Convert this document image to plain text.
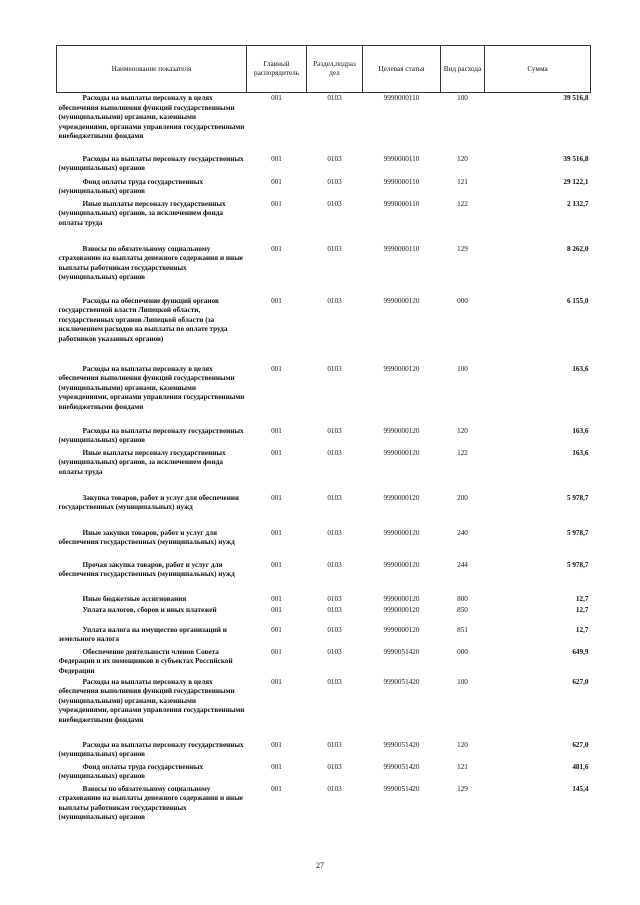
Наименование показателя	Главный распорядитель	Раздел,подраз дел	Целевая статья	Вид расхода	Сумма
Расходы на выплаты персоналу в целях обеспечения выполнения функций государственными (муниципальными) органами, казенными учреждениями, органами управления государственными внебюджетными фондами	001	0103	9990000110	100	39 516,8
Расходы на выплаты персоналу государственных (муниципальных) органов	001	0103	9990000110	120	39 516,8
Фонд оплаты труда государственных (муниципальных) органов	001	0103	9990000110	121	29 122,1
Иные выплаты персоналу государственных (муниципальных) органов, за исключением фонда оплаты труда	001	0103	9990000110	122	2 132,7
Взносы по обязательному социальному страхованию на выплаты денежного содержания и иные выплаты работникам государственных (муниципальных) органов	001	0103	9990000110	129	8 262,0
Расходы на обеспечение функций органов государственной власти Липецкой области, государственных органов Липецкой области (за исключением расходов на выплаты по оплате труда работников указанных органов)	001	0103	9990000120	000	6 155,0
Расходы на выплаты персоналу в целях обеспечения выполнения функций государственными (муниципальными) органами, казенными учреждениями, органами управления государственными внебюджетными фондами	001	0103	9990000120	100	163,6
Расходы на выплаты персоналу государственных (муниципальных) органов	001	0103	9990000120	120	163,6
Иные выплаты персоналу государственных (муниципальных) органов, за исключением фонда оплаты труда	001	0103	9990000120	122	163,6
Закупка товаров, работ и услуг для обеспечения государственных (муниципальных) нужд	001	0103	9990000120	200	5 978,7
Иные закупки товаров, работ и услуг для обеспечения государственных (муниципальных) нужд	001	0103	9990000120	240	5 978,7
Прочая закупка товаров, работ и услуг для обеспечения государственных (муниципальных) нужд	001	0103	9990000120	244	5 978,7
Иные бюджетные ассигнования	001	0103	9990000120	800	12,7
Уплата налогов, сборов и иных платежей	001	0103	9990000120	850	12,7
Уплата налога на имущество организаций и земельного налога	001	0103	9990000120	851	12,7
Обеспечение деятельности членов Совета Федерации и их помощников в субъектах Российской Федерации	001	0103	9990051420	000	649,9
Расходы на выплаты персоналу в целях обеспечения выполнения функций государственными (муниципальными) органами, казенными учреждениями, органами управления государственными внебюджетными фондами	001	0103	9990051420	100	627,0
Расходы на выплаты персоналу государственных (муниципальных) органов	001	0103	9990051420	120	627,0
Фонд оплаты труда государственных (муниципальных) органов	001	0103	9990051420	121	481,6
Взносы по обязательному социальному страхованию на выплаты денежного содержания и иные выплаты работникам государственных (муниципальных) органов	001	0103	9990051420	129	145,4
27
